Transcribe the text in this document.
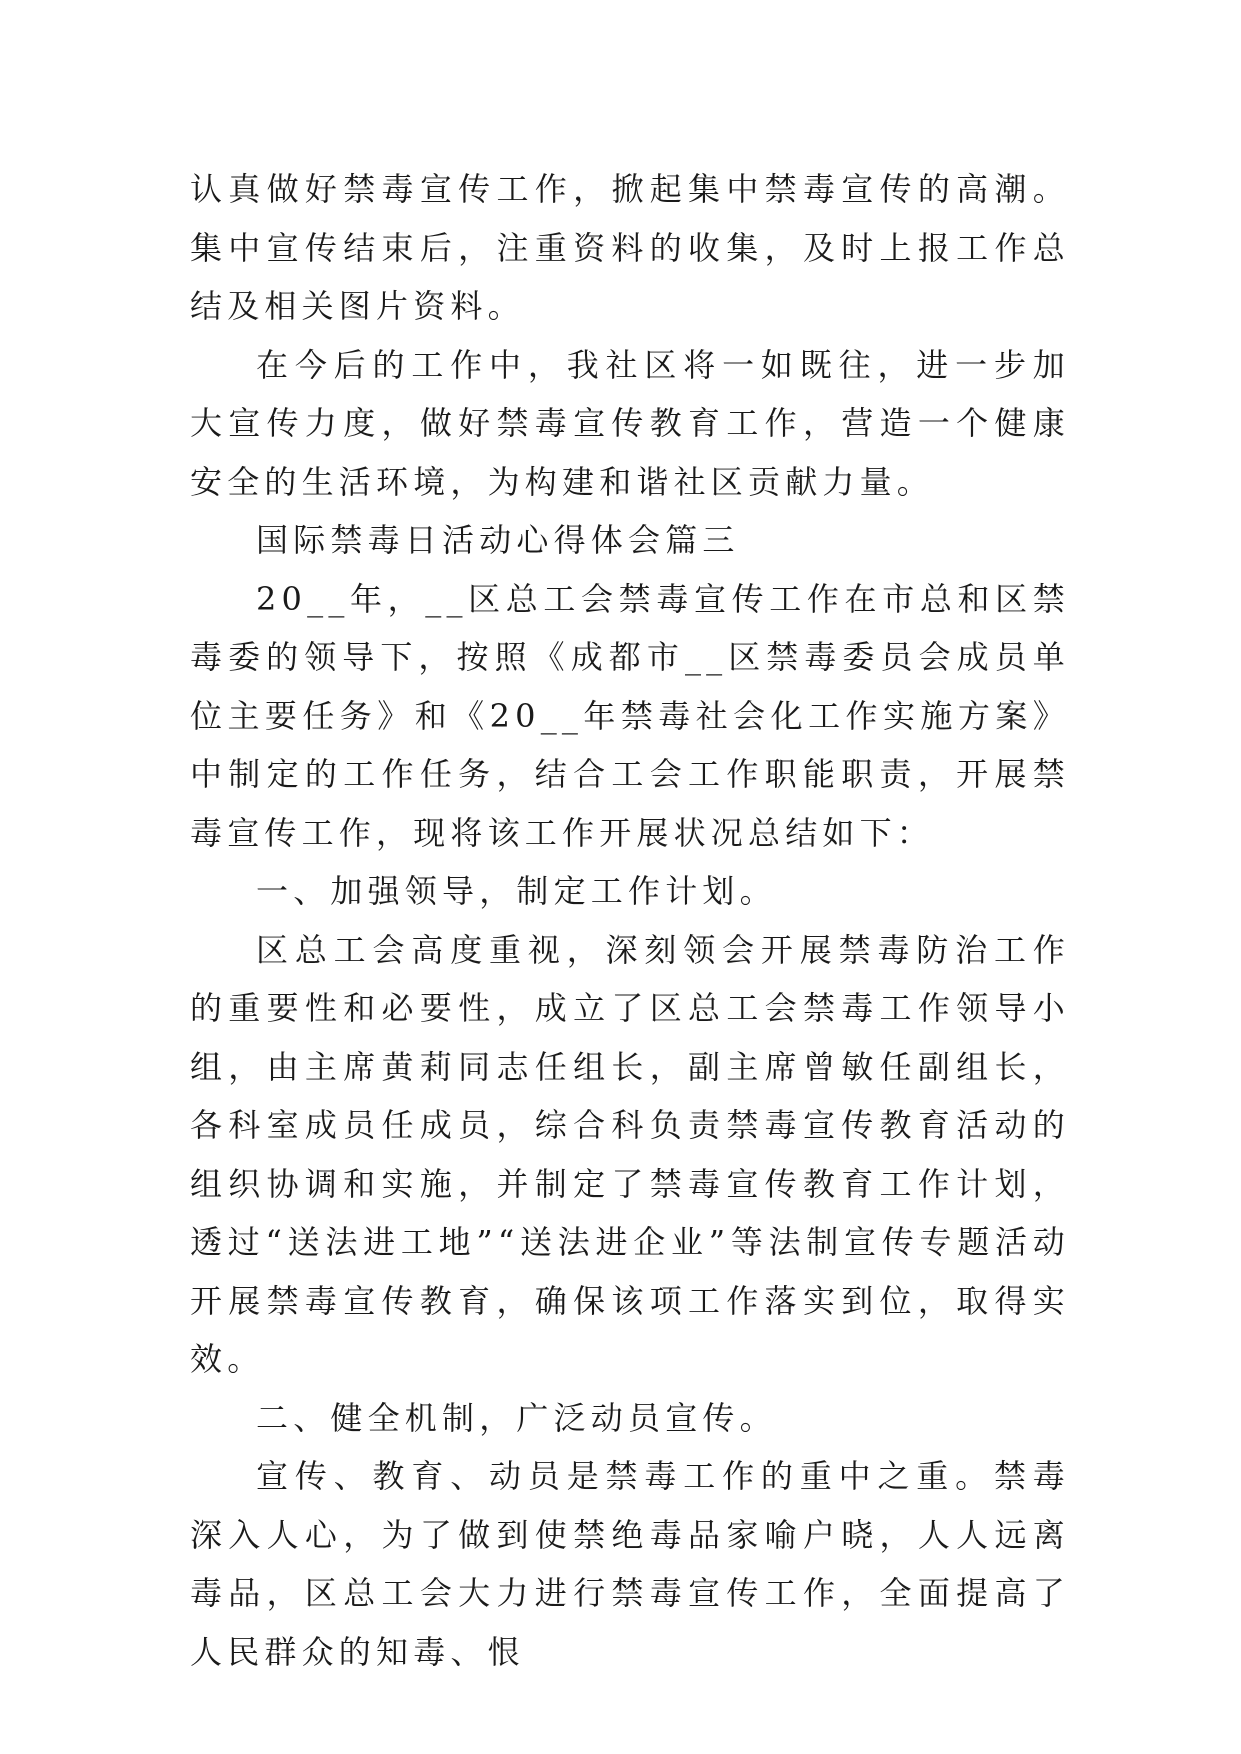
认真做好禁毒宣传工作，掀起集中禁毒宣传的高潮。集中宣传结束后，注重资料的收集，及时上报工作总结及相关图片资料。

在今后的工作中，我社区将一如既往，进一步加大宣传力度，做好禁毒宣传教育工作，营造一个健康安全的生活环境，为构建和谐社区贡献力量。

国际禁毒日活动心得体会篇三

20__年，__区总工会禁毒宣传工作在市总和区禁毒委的领导下，按照《成都市__区禁毒委员会成员单位主要任务》和《20__年禁毒社会化工作实施方案》中制定的工作任务，结合工会工作职能职责，开展禁毒宣传工作，现将该工作开展状况总结如下：

一、加强领导，制定工作计划。

区总工会高度重视，深刻领会开展禁毒防治工作的重要性和必要性，成立了区总工会禁毒工作领导小组，由主席黄莉同志任组长，副主席曾敏任副组长，各科室成员任成员，综合科负责禁毒宣传教育活动的组织协调和实施，并制定了禁毒宣传教育工作计划，透过“送法进工地”“送法进企业”等法制宣传专题活动开展禁毒宣传教育，确保该项工作落实到位，取得实效。

二、健全机制，广泛动员宣传。

宣传、教育、动员是禁毒工作的重中之重。禁毒深入人心，为了做到使禁绝毒品家喻户晓，人人远离毒品，区总工会大力进行禁毒宣传工作，全面提高了人民群众的知毒、恨
